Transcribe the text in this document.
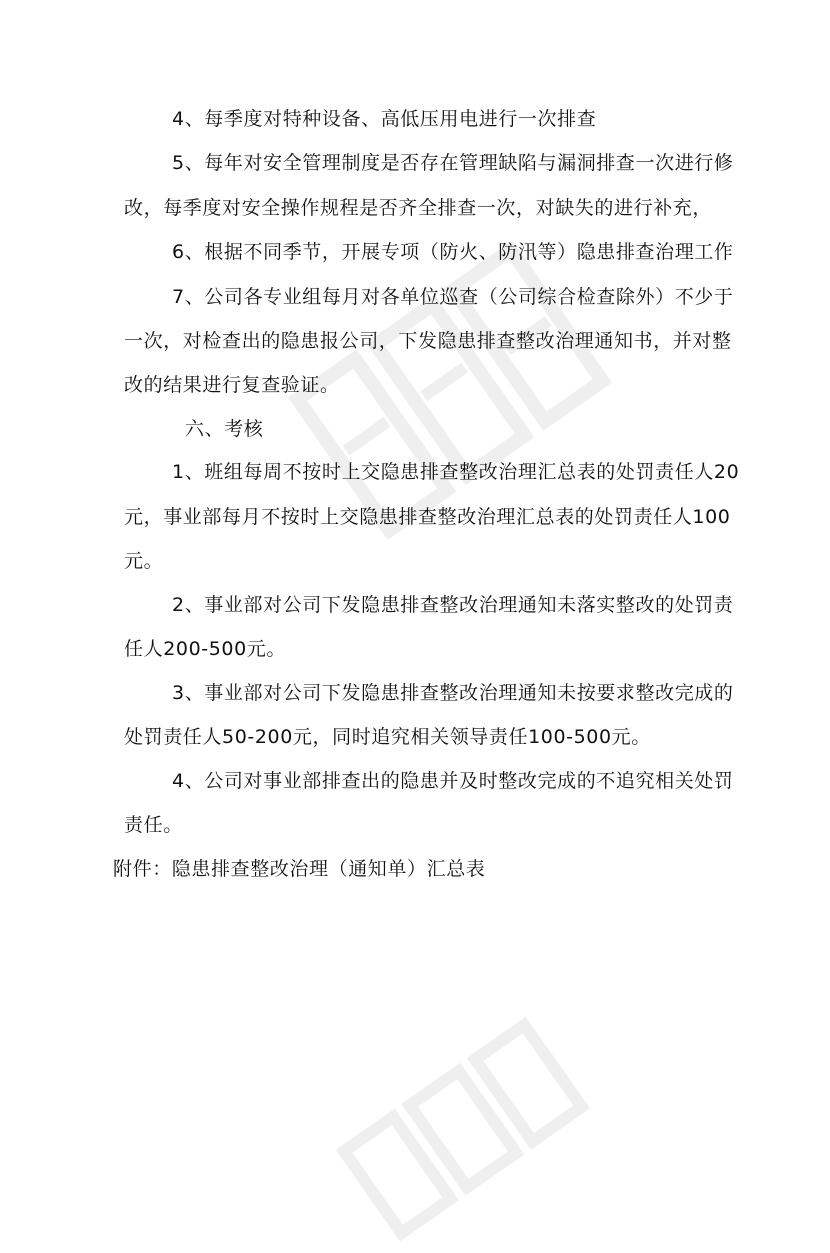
4、每季度对特种设备、高低压用电进行一次排查
5、每年对安全管理制度是否存在管理缺陷与漏洞排查一次进行修
改，每季度对安全操作规程是否齐全排查一次，对缺失的进行补充，
6、根据不同季节，开展专项（防火、防汛等）隐患排查治理工作
7、公司各专业组每月对各单位巡查（公司综合检查除外）不少于
一次，对检查出的隐患报公司，下发隐患排查整改治理通知书，并对整
改的结果进行复查验证。
六、考核
1、班组每周不按时上交隐患排查整改治理汇总表的处罚责任人20
元，事业部每月不按时上交隐患排查整改治理汇总表的处罚责任人100
元。
2、事业部对公司下发隐患排查整改治理通知未落实整改的处罚责
任人200-500元。
3、事业部对公司下发隐患排查整改治理通知未按要求整改完成的
处罚责任人50-200元，同时追究相关领导责任100-500元。
4、公司对事业部排查出的隐患并及时整改完成的不追究相关处罚
责任。
附件：隐患排查整改治理（通知单）汇总表
